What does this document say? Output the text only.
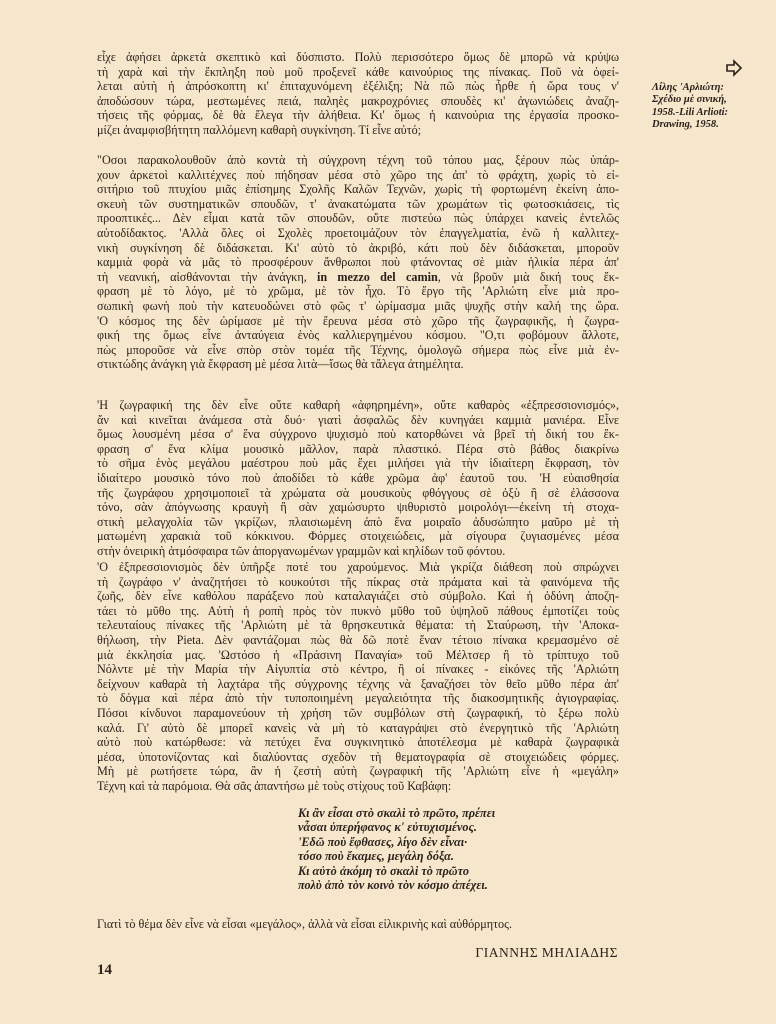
Λίλης 'Αρλιώτη:
Σχέδιο μὲ σινική,
1958.-Lili Arlioti:
Drawing, 1958.
εἶχε ἀφήσει ἀρκετὰ σκεπτικὸ καὶ δύσπιστο. Πολὺ περισσότερο ὅμως δὲ μπορῶ νὰ κρύψω
τὴ χαρὰ καὶ τὴν ἔκπληξη ποὺ μοῦ προξενεῖ κάθε καινούριος της πίνακας. Ποῦ νὰ ὀφεί-
λεται αὐτὴ ἡ ἀπρόσκοπτη κι' ἐπιταχυνόμενη ἐξέλιξη; Νὰ πῶ πὼς ἦρθε ἡ ὥρα τους ν'
ἀποδώσουν τώρα, μεστωμένες πειά, παληὲς μακροχρόνιες σπουδὲς κι' ἀγωνιώδεις ἀναζη-
τήσεις τῆς φόρμας, δὲ θὰ ἔλεγα τὴν ἀλήθεια. Κι' ὅμως ἡ καινούρια της ἐργασία προσκο-
μίζει ἀναμφισβήτητη παλλόμενη καθαρὴ συγκίνηση. Τί εἶνε αὐτό;
"Οσοι παρακολουθοῦν ἀπὸ κοντὰ τὴ σύγχρονη τέχνη τοῦ τόπου μας, ξέρουν πὼς ὑπάρ-
χουν ἀρκετοὶ καλλιτέχνες ποὺ πήδησαν μέσα στὸ χῶρο της ἀπ' τὸ φράχτη, χωρὶς τὸ εἰ-
σιτήριο τοῦ πτυχίου μιᾶς ἐπίσημης Σχολῆς Καλῶν Τεχνῶν, χωρὶς τὴ φορτωμένη ἐκείνη ἀπο-
σκευὴ τῶν συστηματικῶν σπουδῶν, τ' ἀνακατώματα τῶν χρωμάτων τὶς φωτοσκιάσεις, τὶς
προοπτικές... Δὲν εἶμαι κατὰ τῶν σπουδῶν, οὔτε πιστεύω πὼς ὑπάρχει κανεὶς ἐντελῶς
αὐτοδίδακτος. 'Αλλὰ ὅλες οἱ Σχολὲς προετοιμάζουν τὸν ἐπαγγελματία, ἐνῶ ἡ καλλιτεχ-
νικὴ συγκίνηση δὲ διδάσκεται. Κι' αὐτὸ τὸ ἀκριβό, κάτι ποὺ δὲν διδάσκεται, μποροῦν
καμμιὰ φορὰ νὰ μᾶς τὸ προσφέρουν ἄνθρωποι ποὺ φτάνοντας σὲ μιὰν ἡλικία πέρα ἀπ'
τὴ νεανική, αἰσθάνονται τὴν ἀνάγκη, in mezzo del camin, νὰ βροῦν μιὰ δική τους ἔκ-
φραση μὲ τὸ λόγο, μὲ τὸ χρῶμα, μὲ τὸν ἦχο. Τὸ ἔργο τῆς 'Αρλιώτη εἶνε μιὰ προ-
σωπικὴ φωνὴ ποὺ τὴν κατευοδώνει στὸ φῶς τ' ὡρίμασμα μιᾶς ψυχῆς στὴν καλή της ὥρα.
'Ο κόσμος της δὲν ὡρίμασε μὲ τὴν ἔρευνα μέσα στὸ χῶρο τῆς ζωγραφικῆς, ἡ ζωγρα-
φική της ὅμως εἶνε ἀνταύγεια ἑνὸς καλλιεργημένου κόσμου. "Ο,τι φοβόμουν ἄλλοτε,
πὼς μποροῦσε νὰ εἶνε σπὸρ στὸν τομέα τῆς Τέχνης, ὁμολογῶ σήμερα πὼς εἶνε μιὰ ἐν-
στικτώδης ἀνάγκη γιὰ ἔκφραση μὲ μέσα λιτὰ—ἴσως θὰ τἄλεγα ἀτημέλητα.
'Η ζωγραφική της δὲν εἶνε οὔτε καθαρὴ «ἀφηρημένη», οὔτε καθαρὸς «ἐξπρεσσιονισμός»,
ἄν καὶ κινεῖται ἀνάμεσα στὰ δυό· γιατὶ ἀσφαλῶς δὲν κυνηγάει καμμιὰ μανιέρα. Εἶνε
ὅμως λουσμένη μέσα σ' ἕνα σύγχρονο ψυχισμὸ ποὺ κατορθώνει νὰ βρεῖ τὴ δική του ἔκ-
φραση σ' ἕνα κλίμα μουσικὸ μᾶλλον, παρὰ πλαστικό. Πέρα στὸ βάθος διακρίνω
τὸ σῆμα ἑνὸς μεγάλου μαέστρου ποὺ μᾶς ἔχει μιλήσει γιὰ τὴν ἰδιαίτερη ἔκφραση, τὸν
ἰδιαίτερο μουσικὸ τόνο ποὺ ἀποδίδει τὸ κάθε χρῶμα ἀφ' ἑαυτοῦ του. 'Η εὐαισθησία
τῆς ζωγράφου χρησιμοποιεῖ τὰ χρώματα σὰ μουσικοὺς φθόγγους σὲ ὀξὺ ἢ σὲ ἐλάσσονα
τόνο, σὰν ἀπόγνωσης κραυγὴ ἢ σὰν χαμώσυρτο ψιθυριστὸ μοιρολόγι—ἐκείνη τὴ στοχα-
στικὴ μελαγχολία τῶν γκρίζων, πλαισιωμένη ἀπὸ ἕνα μοιραῖο ἀδυσώπητο μαῦρο μὲ τὴ
ματωμένη χαρακιὰ τοῦ κόκκινου. Φόρμες στοιχειώδεις, μὰ σίγουρα ζυγιασμένες μέσα
στὴν ὀνειρικὴ ἀτμόσφαιρα τῶν ἀποργανωμένων γραμμῶν καὶ κηλίδων τοῦ φόντου.
'Ο ἐξπρεσσιονισμὸς δὲν ὑπῆρξε ποτέ του χαρούμενος. Μιὰ γκρίζα διάθεση ποὺ σπρώχνει
τὴ ζωγράφο ν' ἀναζητήσει τὸ κουκούτσι τῆς πίκρας στὰ πράματα καὶ τὰ φαινόμενα τῆς
ζωῆς, δὲν εἶνε καθόλου παράξενο ποὺ καταλαγιάζει στὸ σύμβολο. Καὶ ἡ ὀδύνη ἀποζη-
τάει τὸ μῦθο της. Αὐτὴ ἡ ροπὴ πρὸς τὸν πυκνὸ μῦθο τοῦ ὑψηλοῦ πάθους ἐμποτίζει τοὺς
τελευταίους πίνακες τῆς 'Αρλιώτη μὲ τὰ θρησκευτικὰ θέματα: τὴ Σταύρωση, τὴν 'Αποκα-
θήλωση, τὴν Pieta. Δὲν φαντάζομαι πὼς θὰ δῶ ποτὲ ἕναν τέτοιο πίνακα κρεμασμένο σὲ
μιὰ ἐκκλησία μας. 'Ωστόσο ἡ «Πράσινη Παναγία» τοῦ Μέλτσερ ἢ τὸ τρίπτυχο τοῦ
Νόλντε μὲ τὴν Μαρία τὴν Αἰγυπτία στὸ κέντρο, ἢ οἱ πίνακες - εἰκόνες τῆς 'Αρλιώτη
δείχνουν καθαρὰ τὴ λαχτάρα τῆς σύγχρονης τέχνης νὰ ξαναζήσει τὸν θεῖο μῦθο πέρα ἀπ'
τὸ δόγμα καὶ πέρα ἀπὸ τὴν τυποποιημένη μεγαλειότητα τῆς διακοσμητικῆς ἁγιογραφίας.
Πόσοι κίνδυνοι παραμονεύουν τὴ χρήση τῶν συμβόλων στὴ ζωγραφική, τὸ ξέρω πολὺ
καλά. Γι' αὐτὸ δὲ μπορεῖ κανεὶς νὰ μὴ τὸ καταγράψει στὸ ἐνεργητικὸ τῆς 'Αρλιώτη
αὐτὸ ποὺ κατώρθωσε: νὰ πετύχει ἕνα συγκινητικὸ ἀποτέλεσμα μὲ καθαρὰ ζωγραφικὰ
μέσα, ὑποτονίζοντας καὶ διαλύοντας σχεδὸν τὴ θεματογραφία σὲ στοιχειώδεις φόρμες.
Μὴ μὲ ρωτήσετε τώρα, ἂν ἡ ζεστὴ αὐτὴ ζωγραφικὴ τῆς 'Αρλιώτη εἶνε ἡ «μεγάλη»
Τέχνη καὶ τὰ παρόμοια. Θὰ σᾶς ἀπαντήσω μὲ τοὺς στίχους τοῦ Καβάφη:
Κι ἂν εἶσαι στὸ σκαλὶ τὸ πρῶτο, πρέπει
νἆσαι ὑπερήφανος κ' εὐτυχισμένος.
'Εδῶ ποὺ ἔφθασες, λίγο δὲν εἶναι·
τόσο ποὺ ἔκαμες, μεγάλη δόξα.
Κι αὐτὸ ἀκόμη τὸ σκαλὶ τὸ πρῶτο
πολὺ ἀπὸ τὸν κοινὸ τὸν κόσμο ἀπέχει.
Γιατὶ τὸ θέμα δὲν εἶνε νὰ εἶσαι «μεγάλος», ἀλλὰ νὰ εἶσαι εἰλικρινὴς καὶ αὐθόρμητος.
ΓΙΑΝΝΗΣ ΜΗΛΙΑΔΗΣ
14
